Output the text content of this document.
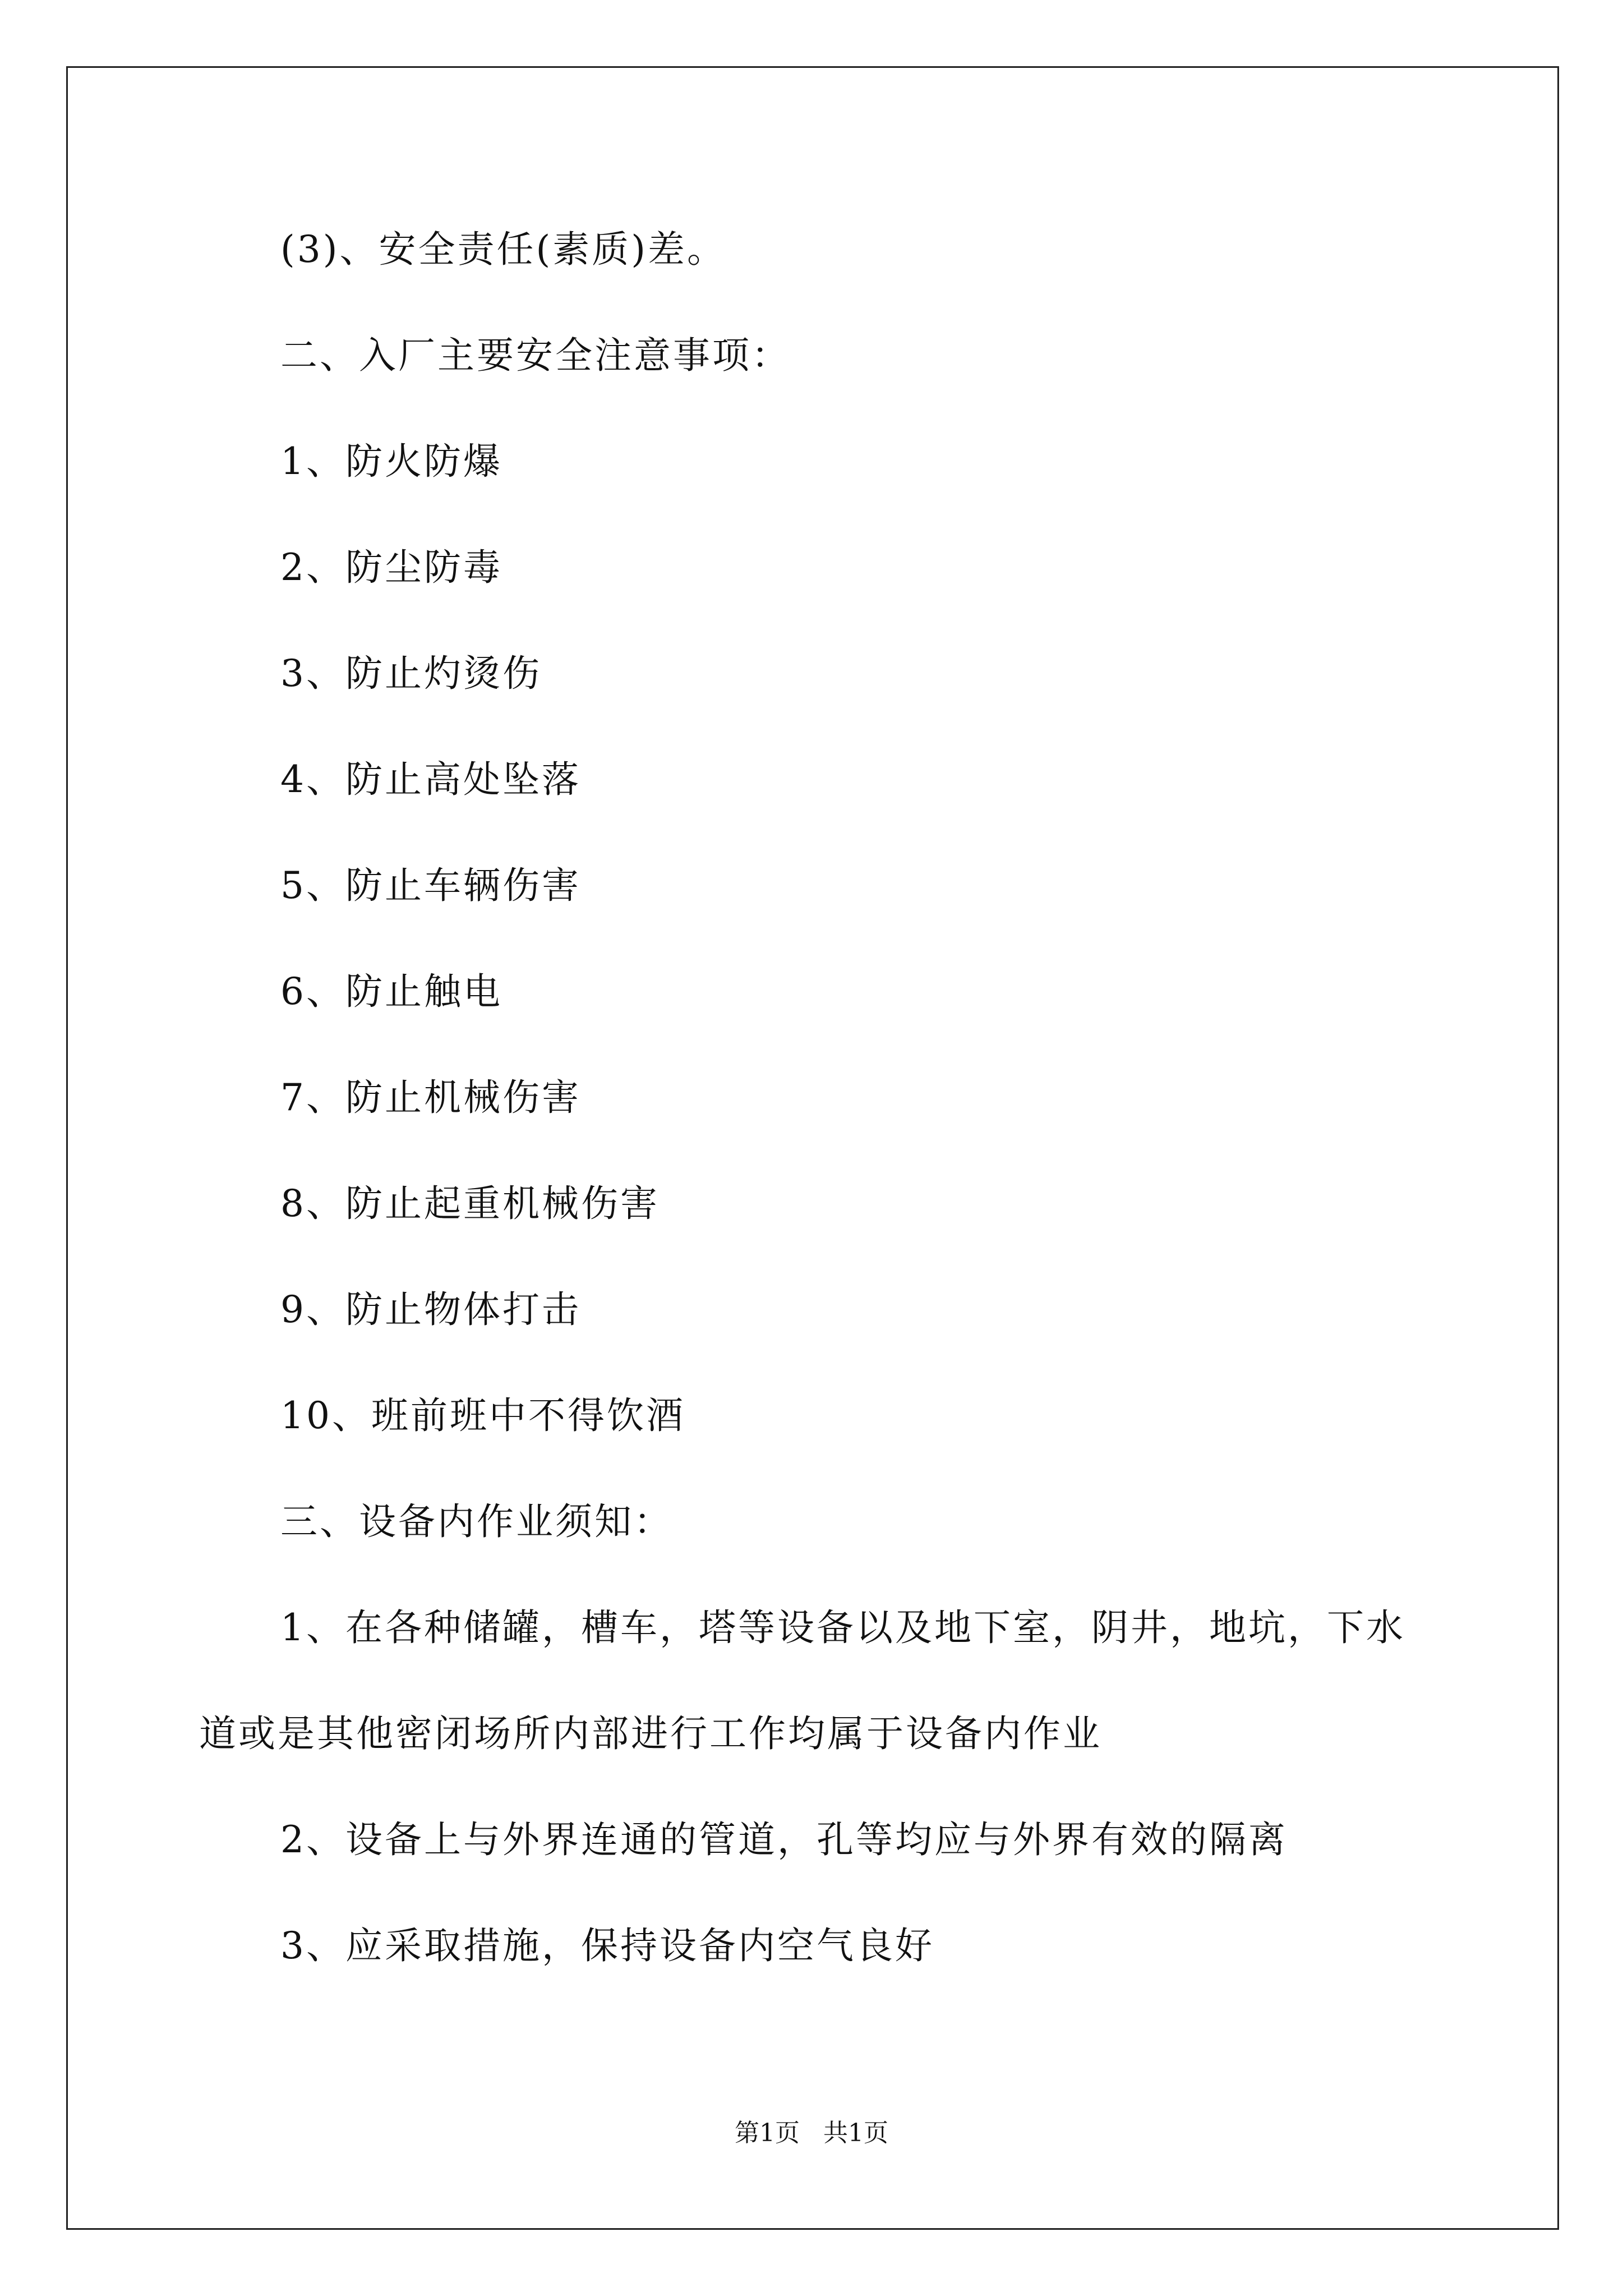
(3)、安全责任(素质)差。
二、入厂主要安全注意事项：
1、防火防爆
2、防尘防毒
3、防止灼烫伤
4、防止高处坠落
5、防止车辆伤害
6、防止触电
7、防止机械伤害
8、防止起重机械伤害
9、防止物体打击
10、班前班中不得饮酒
三、设备内作业须知：
1、在各种储罐，槽车，塔等设备以及地下室，阴井，地坑，下水
道或是其他密闭场所内部进行工作均属于设备内作业
2、设备上与外界连通的管道，孔等均应与外界有效的隔离
3、应采取措施，保持设备内空气良好
第1页   共1页
